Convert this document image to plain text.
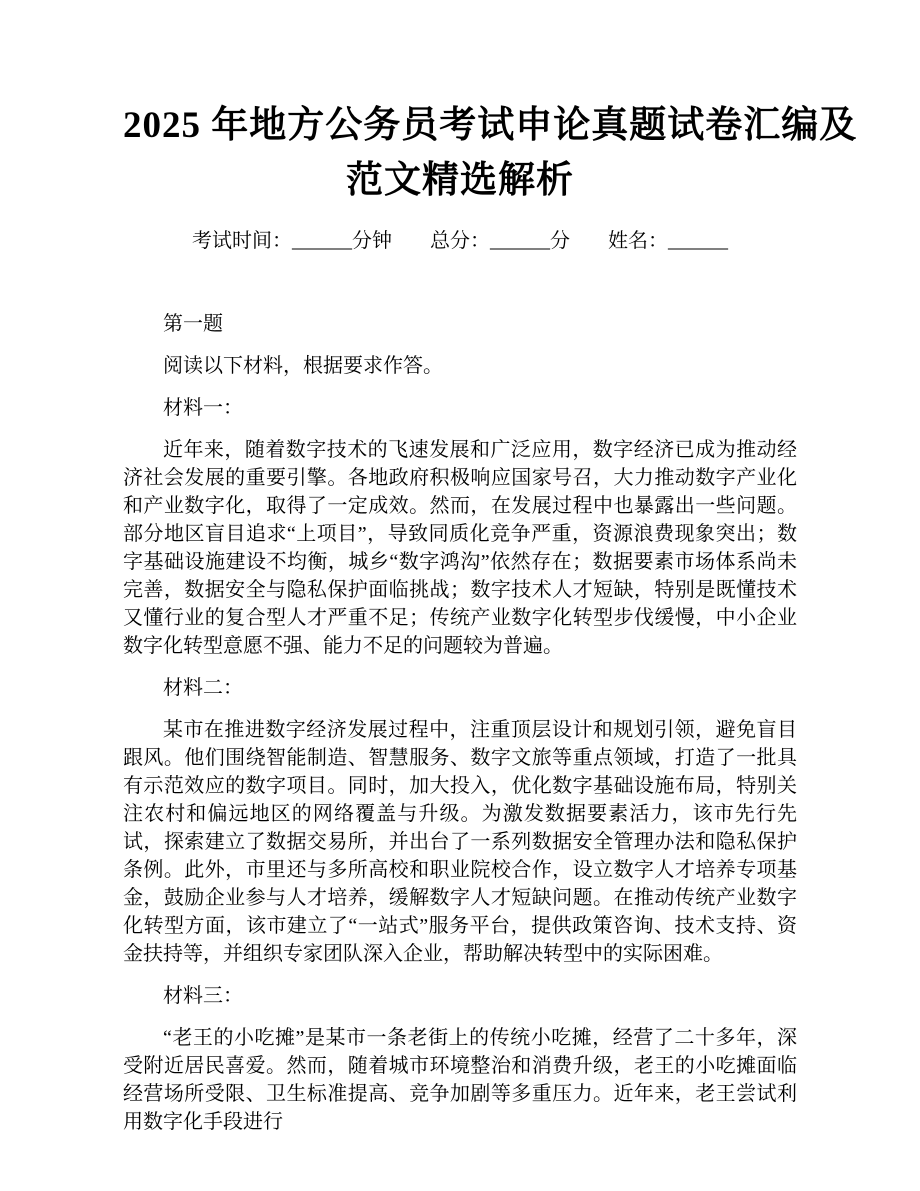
2025 年地方公务员考试申论真题试卷汇编及
范文精选解析
考试时间：______分钟 总分：______分 姓名：______

第一题

阅读以下材料，根据要求作答。

材料一：

近年来，随着数字技术的飞速发展和广泛应用，数字经济已成为推动经济社会发展的重要引擎。各地政府积极响应国家号召，大力推动数字产业化和产业数字化，取得了一定成效。然而，在发展过程中也暴露出一些问题。部分地区盲目追求“上项目”，导致同质化竞争严重，资源浪费现象突出；数字基础设施建设不均衡，城乡“数字鸿沟”依然存在；数据要素市场体系尚未完善，数据安全与隐私保护面临挑战；数字技术人才短缺，特别是既懂技术又懂行业的复合型人才严重不足；传统产业数字化转型步伐缓慢，中小企业数字化转型意愿不强、能力不足的问题较为普遍。

材料二：

某市在推进数字经济发展过程中，注重顶层设计和规划引领，避免盲目跟风。他们围绕智能制造、智慧服务、数字文旅等重点领域，打造了一批具有示范效应的数字项目。同时，加大投入，优化数字基础设施布局，特别关注农村和偏远地区的网络覆盖与升级。为激发数据要素活力，该市先行先试，探索建立了数据交易所，并出台了一系列数据安全管理办法和隐私保护条例。此外，市里还与多所高校和职业院校合作，设立数字人才培养专项基金，鼓励企业参与人才培养，缓解数字人才短缺问题。在推动传统产业数字化转型方面，该市建立了“一站式”服务平台，提供政策咨询、技术支持、资金扶持等，并组织专家团队深入企业，帮助解决转型中的实际困难。

材料三：

“老王的小吃摊”是某市一条老街上的传统小吃摊，经营了二十多年，深受附近居民喜爱。然而，随着城市环境整治和消费升级，老王的小吃摊面临经营场所受限、卫生标准提高、竞争加剧等多重压力。近年来，老王尝试利用数字化手段进行
